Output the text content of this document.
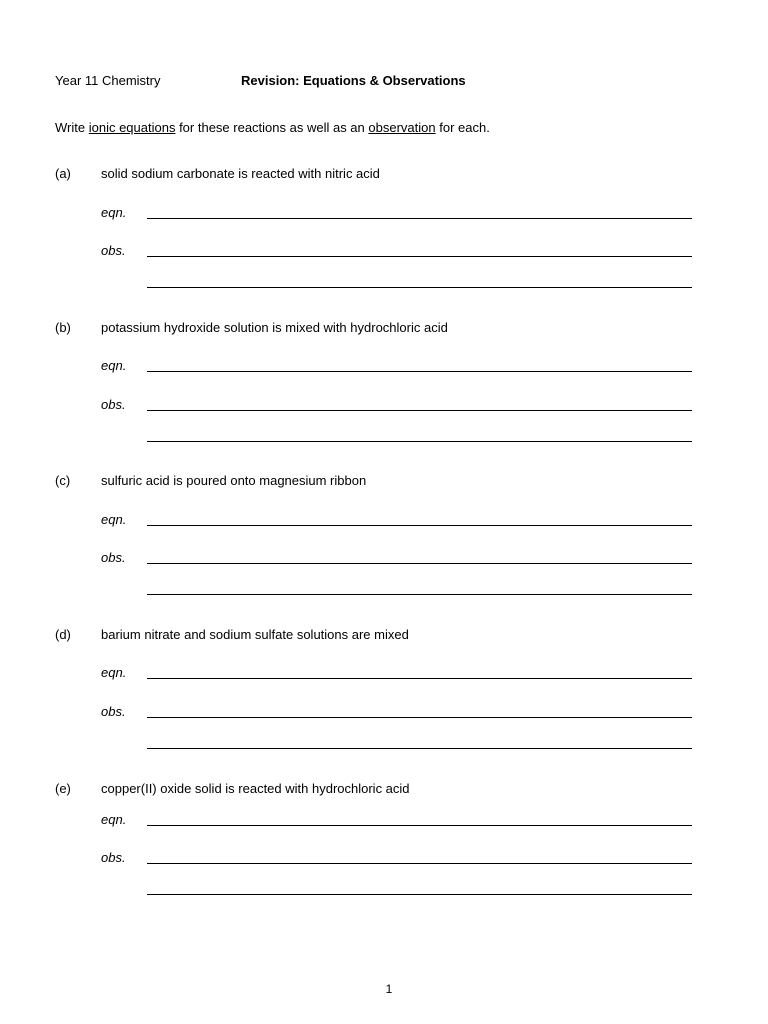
Year 11 Chemistry	Revision: Equations & Observations
Write ionic equations for these reactions as well as an observation for each.
(a) solid sodium carbonate is reacted with nitric acid
eqn.
obs.
(b) potassium hydroxide solution is mixed with hydrochloric acid
eqn.
obs.
(c) sulfuric acid is poured onto magnesium ribbon
eqn.
obs.
(d) barium nitrate and sodium sulfate solutions are mixed
eqn.
obs.
(e) copper(II) oxide solid is reacted with hydrochloric acid
eqn.
obs.
1
